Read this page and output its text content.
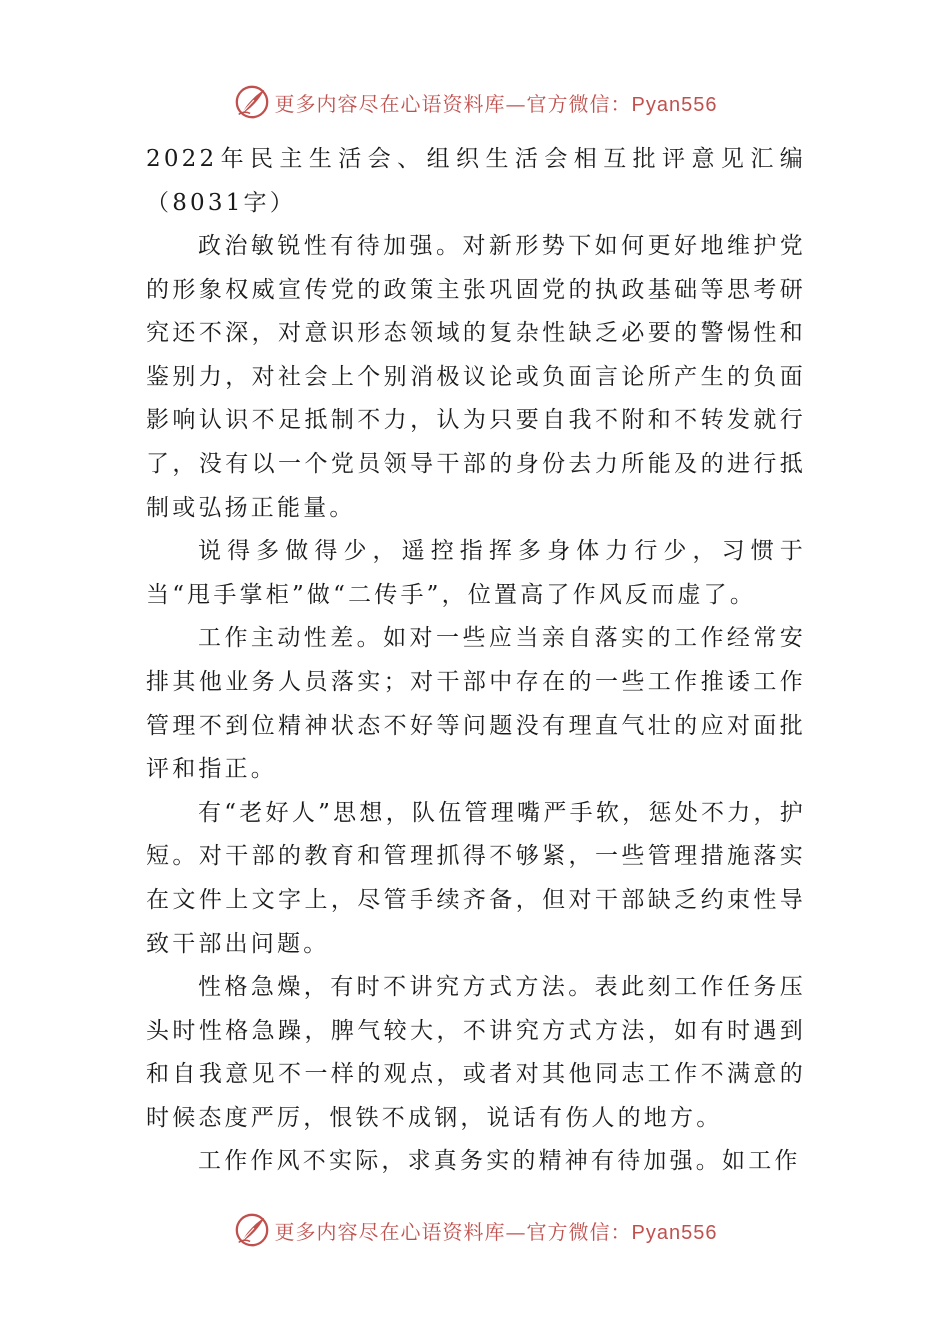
更多内容尽在心语资料库—官方微信：Pyan556

2022年民主生活会、组织生活会相互批评意见汇编（8031字）

政治敏锐性有待加强。对新形势下如何更好地维护党的形象权威宣传党的政策主张巩固党的执政基础等思考研究还不深，对意识形态领域的复杂性缺乏必要的警惕性和鉴别力，对社会上个别消极议论或负面言论所产生的负面影响认识不足抵制不力，认为只要自我不附和不转发就行了，没有以一个党员领导干部的身份去力所能及的进行抵制或弘扬正能量。

说得多做得少，遥控指挥多身体力行少，习惯于当“甩手掌柜”做“二传手”，位置高了作风反而虚了。

工作主动性差。如对一些应当亲自落实的工作经常安排其他业务人员落实；对干部中存在的一些工作推诿工作管理不到位精神状态不好等问题没有理直气壮的应对面批评和指正。

有“老好人”思想，队伍管理嘴严手软，惩处不力，护短。对干部的教育和管理抓得不够紧，一些管理措施落实在文件上文字上，尽管手续齐备，但对干部缺乏约束性导致干部出问题。

性格急燥，有时不讲究方式方法。表此刻工作任务压头时性格急躁，脾气较大，不讲究方式方法，如有时遇到和自我意见不一样的观点，或者对其他同志工作不满意的时候态度严厉，恨铁不成钢，说话有伤人的地方。

工作作风不实际，求真务实的精神有待加强。如工作

更多内容尽在心语资料库—官方微信：Pyan556
